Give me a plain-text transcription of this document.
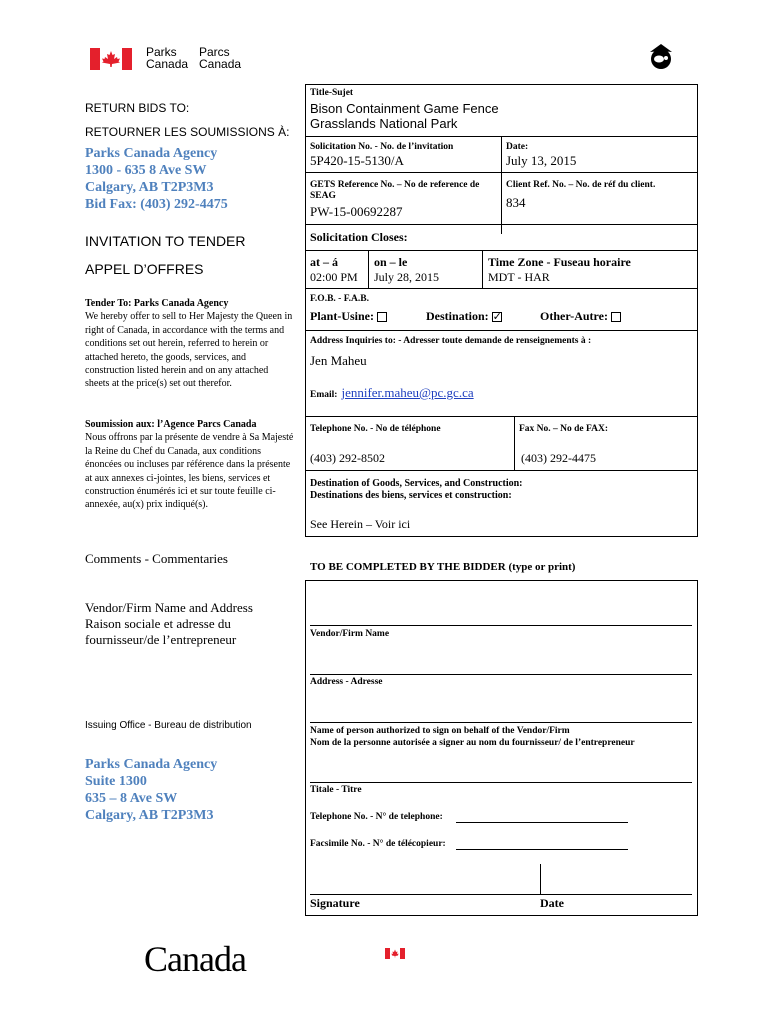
Parks
Canada
Parcs
Canada
RETURN BIDS TO:
RETOURNER LES SOUMISSIONS À:
Parks Canada Agency
1300 - 635 8 Ave SW
Calgary, AB T2P3M3
Bid Fax: (403) 292-4475
INVITATION TO TENDER
APPEL D’OFFRES
Tender To: Parks Canada Agency
We hereby offer to sell to Her Majesty the Queen in right of Canada, in accordance with the terms and conditions set out herein, referred to herein or attached hereto, the goods, services, and construction listed herein and on any attached sheets at the price(s) set out therefor.
Soumission aux: l’Agence Parcs Canada
Nous offrons par la présente de vendre à Sa Majesté la Reine du Chef du Canada, aux conditions énoncées ou incluses par référence dans la présente at aux annexes ci-jointes, les biens, services et construction énumérés ici et sur toute feuille ci-annexée, au(x) prix indiqué(s).
Comments - Commentaries
Vendor/Firm Name and Address
Raison sociale et adresse du
fournisseur/de l’entrepreneur
Issuing Office - Bureau de distribution
Parks Canada Agency
Suite 1300
635 – 8 Ave SW
Calgary, AB T2P3M3
Title-Sujet
Bison Containment Game Fence
Grasslands National Park
Solicitation No. - No. de l’invitation
5P420-15-5130/A
Date:
July 13, 2015
GETS Reference No. – No de reference de SEAG
PW-15-00692287
Client Ref. No. – No. de réf du client.
834
Solicitation Closes:
at – á
02:00 PM
on – le
July 28, 2015
Time Zone - Fuseau horaire
MDT - HAR
F.O.B. - F.A.B.
Plant-Usine:	Destination:✓	Other-Autre:
Address Inquiries to: - Adresser toute demande de renseignements à :
Jen Maheu
Email: jennifer.maheu@pc.gc.ca
Telephone No. - No de téléphone
(403) 292-8502
Fax No. – No de FAX:
(403) 292-4475
Destination of Goods, Services, and Construction:
Destinations des biens, services et construction:
See Herein – Voir ici
TO BE COMPLETED BY THE BIDDER (type or print)
Vendor/Firm Name
Address - Adresse
Name of person authorized to sign on behalf of the Vendor/Firm
Nom de la personne autorisée a signer au nom du fournisseur/ de l’entrepreneur
Titale - Titre
Telephone No. - N° de telephone:
Facsimile No. - N° de télécopieur:
Signature	Date
Canada
